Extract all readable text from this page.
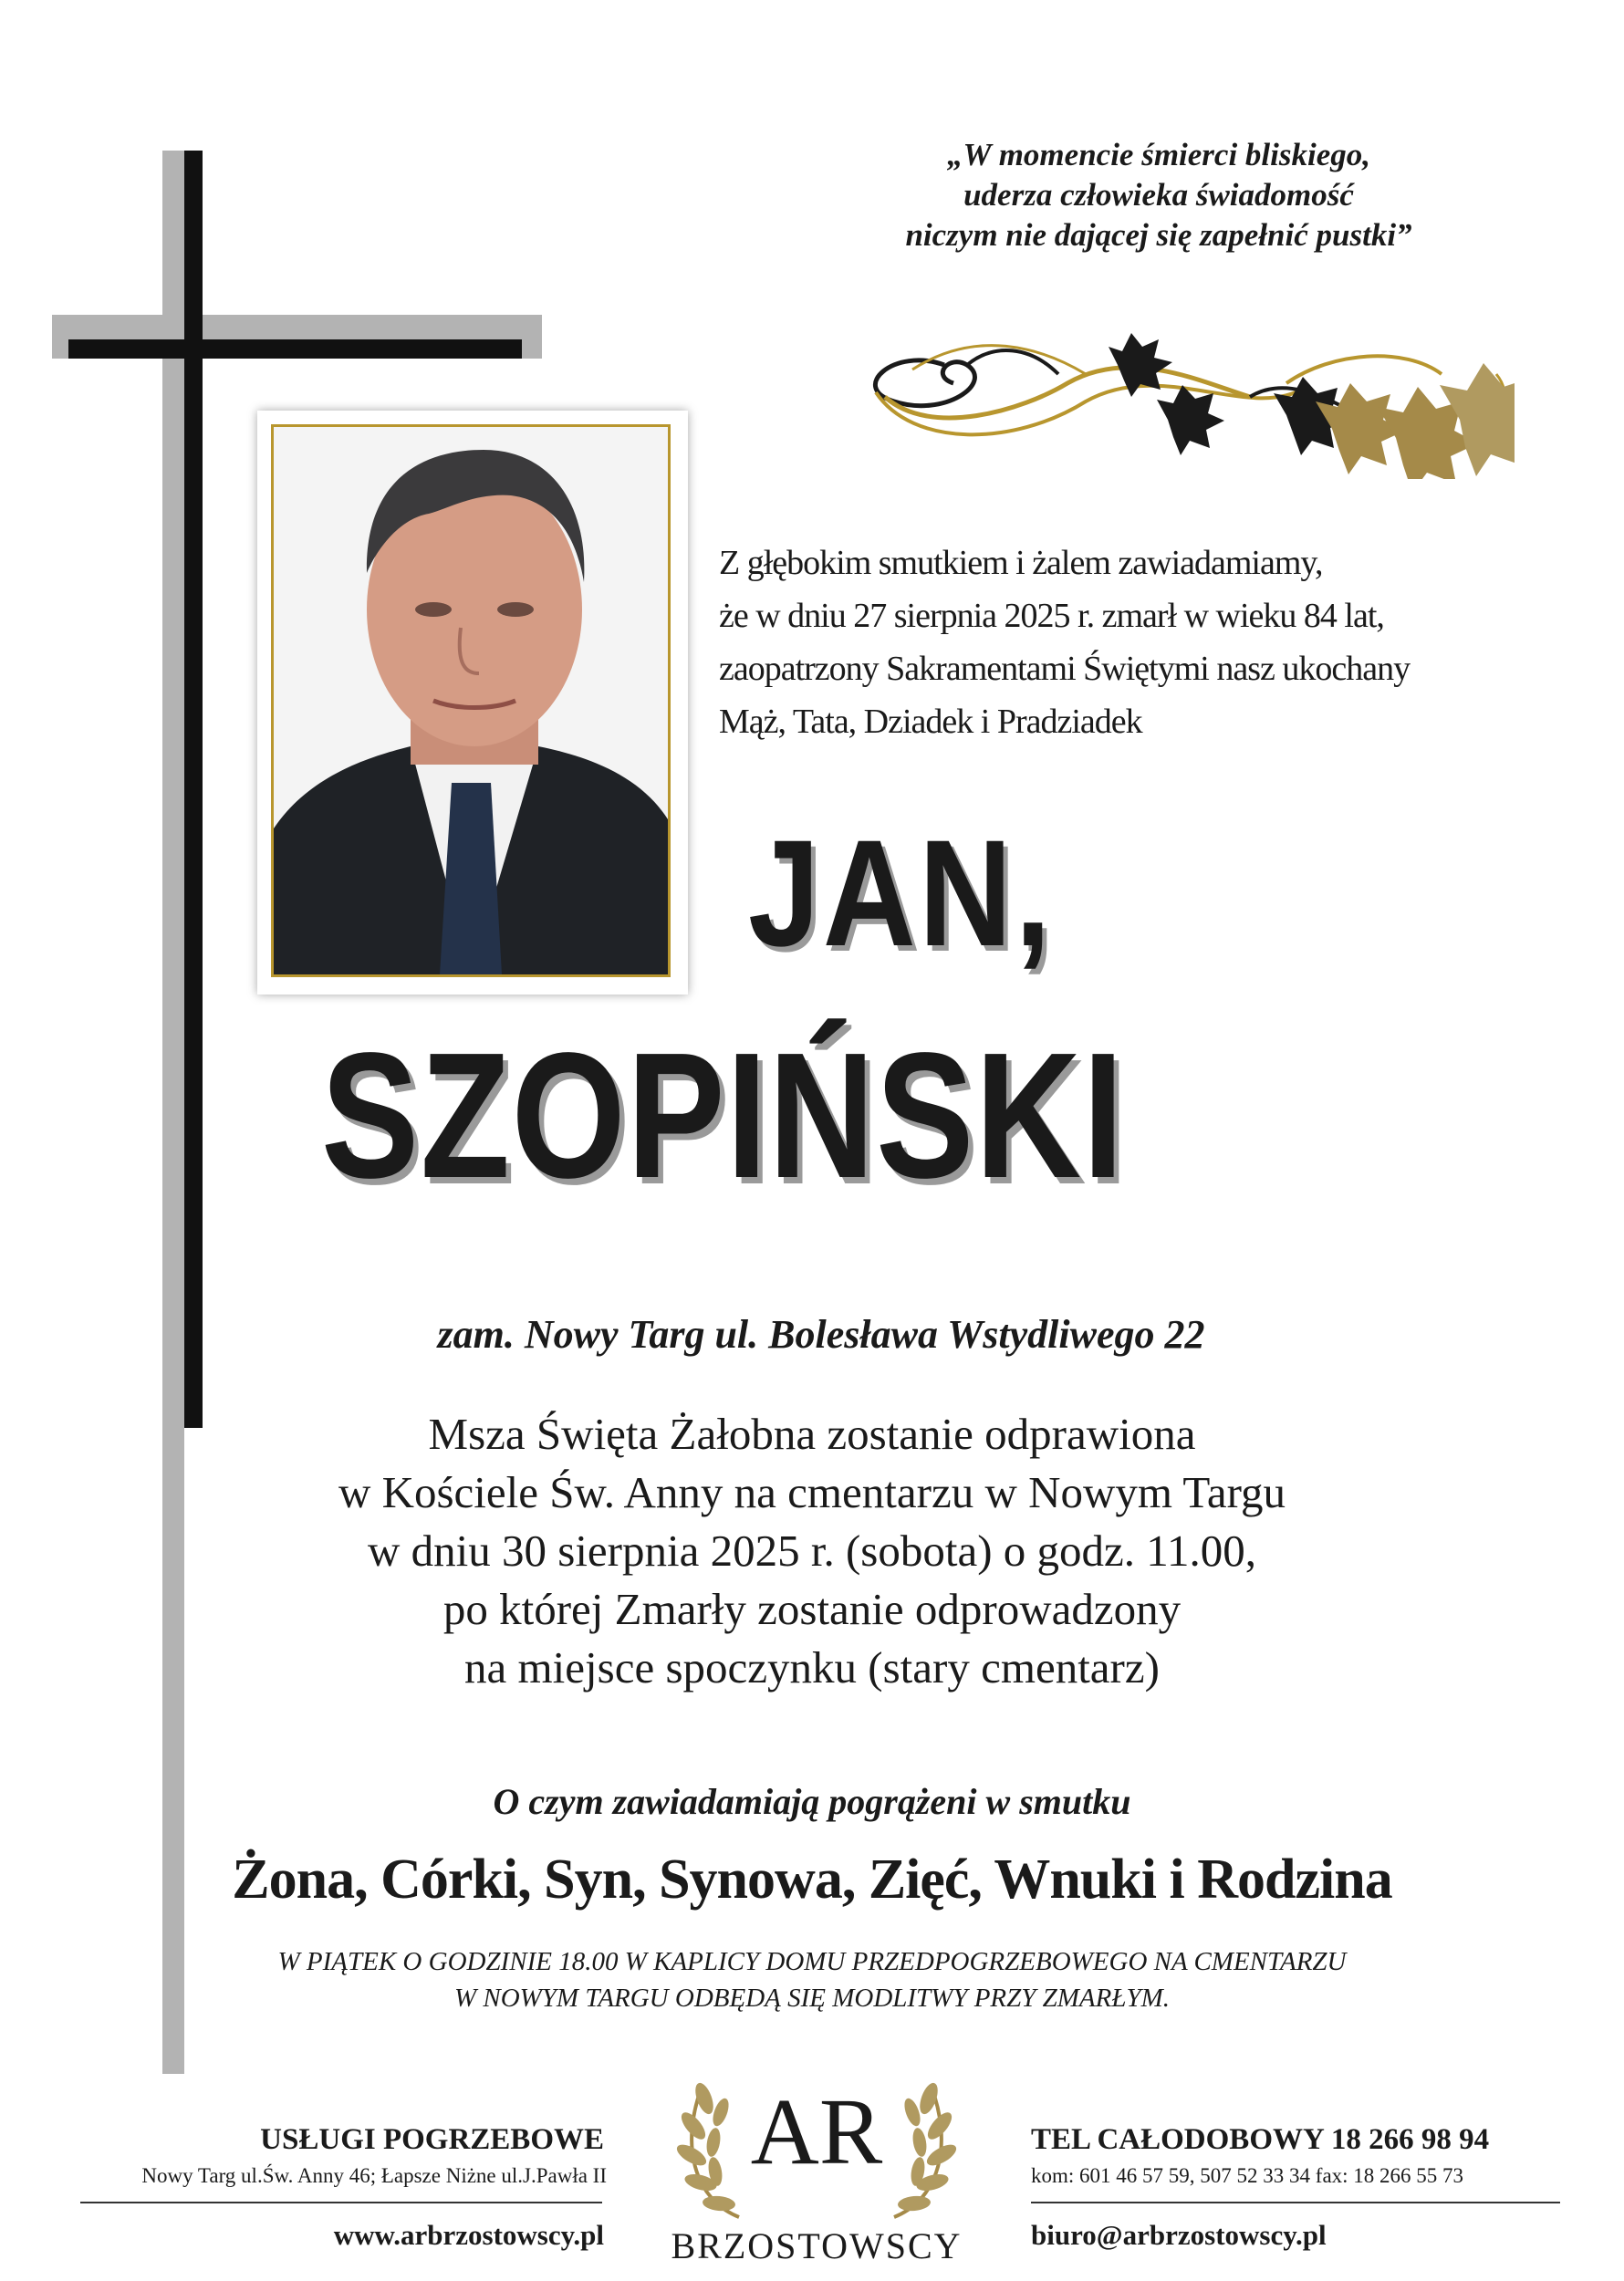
„W momencie śmierci bliskiego,
uderza człowieka świadomość
niczym nie dającej się zapełnić pustki”
Z głębokim smutkiem i żalem zawiadamiamy,
że w dniu 27 sierpnia 2025 r. zmarł w wieku 84 lat,
zaopatrzony Sakramentami Świętymi nasz ukochany
Mąż, Tata, Dziadek i Pradziadek
JAN,
SZOPIŃSKI
zam. Nowy Targ ul. Bolesława Wstydliwego 22
Msza Święta Żałobna zostanie odprawiona
w Kościele Św. Anny na cmentarzu w Nowym Targu
w dniu 30 sierpnia 2025 r. (sobota) o godz. 11.00,
po której Zmarły zostanie odprowadzony
na miejsce spoczynku (stary cmentarz)
O czym zawiadamiają pogrążeni w smutku
Żona, Córki, Syn, Synowa, Zięć, Wnuki i Rodzina
W PIĄTEK O GODZINIE 18.00 W KAPLICY DOMU PRZEDPOGRZEBOWEGO NA CMENTARZU
W NOWYM TARGU ODBĘDĄ SIĘ MODLITWY PRZY ZMARŁYM.
USŁUGI POGRZEBOWE
Nowy Targ ul.Św. Anny 46; Łapsze Niżne ul.J.Pawła II
www.arbrzostowscy.pl
AR
BRZOSTOWSCY
TEL CAŁODOBOWY 18 266 98 94
kom: 601 46 57 59, 507 52 33 34 fax: 18 266 55 73
biuro@arbrzostowscy.pl
